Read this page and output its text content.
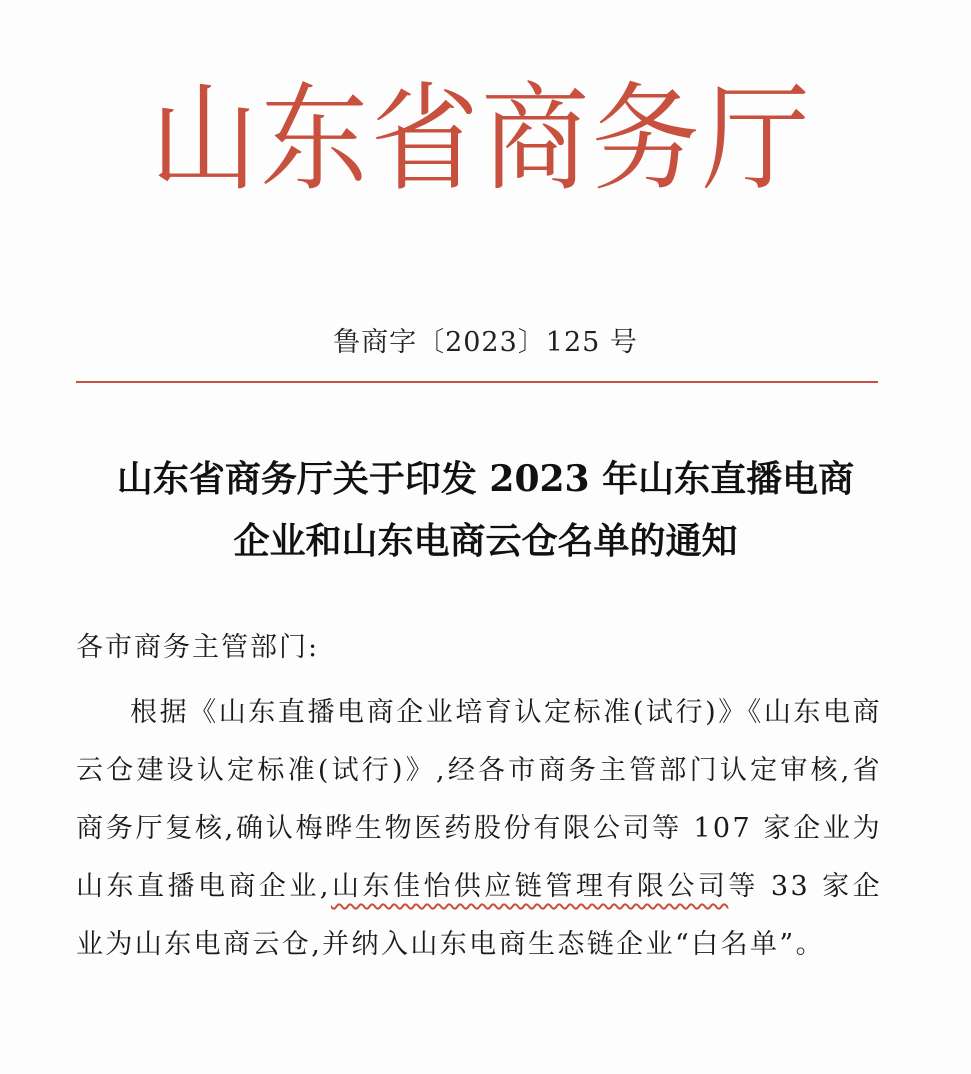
山 东 省 商 务 厅
鲁商字〔2023〕125 号
山东省商务厅关于印发 2023 年山东直播电商
企业和山东电商云仓名单的通知
各市商务主管部门:

根据《山东直播电商企业培育认定标准(试行)》《山东电商云仓建设认定标准(试行)》,经各市商务主管部门认定审核,省商务厅复核,确认梅晔生物医药股份有限公司等 107 家企业为山东直播电商企业,山东佳怡供应链管理有限公司等 33 家企业为山东电商云仓,并纳入山东电商生态链企业“白名单”。
